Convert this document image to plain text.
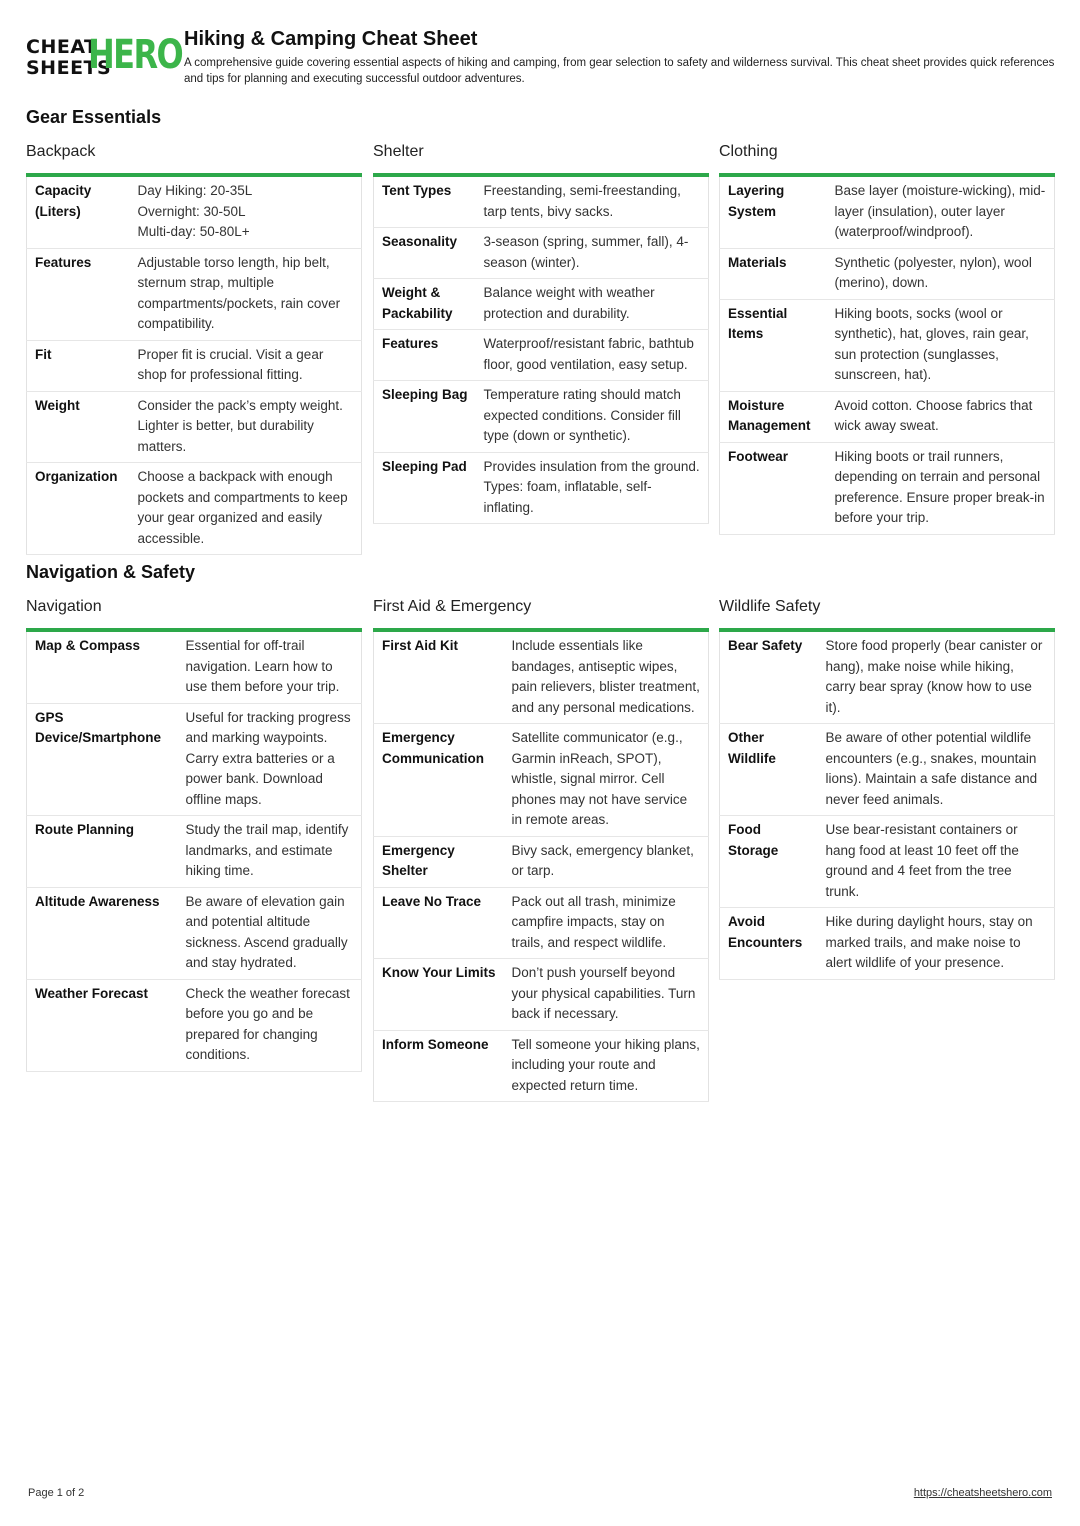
CHEAT
SHEETS
HERO Hiking & Camping Cheat Sheet
A comprehensive guide covering essential aspects of hiking and camping, from gear selection to safety and wilderness survival. This cheat sheet provides quick references and tips for planning and executing successful outdoor adventures.
Gear Essentials
Backpack
Capacity (Liters)	Day Hiking: 20-35L
Overnight: 30-50L
Multi-day: 50-80L+
Features	Adjustable torso length, hip belt, sternum strap, multiple compartments/pockets, rain cover compatibility.
Fit	Proper fit is crucial. Visit a gear shop for professional fitting.
Weight	Consider the pack’s empty weight. Lighter is better, but durability matters.
Organization	Choose a backpack with enough pockets and compartments to keep your gear organized and easily accessible.
Shelter
Tent Types	Freestanding, semi-freestanding, tarp tents, bivy sacks.
Seasonality	3-season (spring, summer, fall), 4-season (winter).
Weight & Packability	Balance weight with weather protection and durability.
Features	Waterproof/resistant fabric, bathtub floor, good ventilation, easy setup.
Sleeping Bag	Temperature rating should match expected conditions. Consider fill type (down or synthetic).
Sleeping Pad	Provides insulation from the ground. Types: foam, inflatable, self-inflating.
Clothing
Layering System	Base layer (moisture-wicking), mid-layer (insulation), outer layer (waterproof/windproof).
Materials	Synthetic (polyester, nylon), wool (merino), down.
Essential Items	Hiking boots, socks (wool or synthetic), hat, gloves, rain gear, sun protection (sunglasses, sunscreen, hat).
Moisture Management	Avoid cotton. Choose fabrics that wick away sweat.
Footwear	Hiking boots or trail runners, depending on terrain and personal preference. Ensure proper break-in before your trip.
Navigation & Safety
Navigation
Map & Compass	Essential for off-trail navigation. Learn how to use them before your trip.
GPS Device/Smartphone	Useful for tracking progress and marking waypoints. Carry extra batteries or a power bank. Download offline maps.
Route Planning	Study the trail map, identify landmarks, and estimate hiking time.
Altitude Awareness	Be aware of elevation gain and potential altitude sickness. Ascend gradually and stay hydrated.
Weather Forecast	Check the weather forecast before you go and be prepared for changing conditions.
First Aid & Emergency
First Aid Kit	Include essentials like bandages, antiseptic wipes, pain relievers, blister treatment, and any personal medications.
Emergency Communication	Satellite communicator (e.g., Garmin inReach, SPOT), whistle, signal mirror. Cell phones may not have service in remote areas.
Emergency Shelter	Bivy sack, emergency blanket, or tarp.
Leave No Trace	Pack out all trash, minimize campfire impacts, stay on trails, and respect wildlife.
Know Your Limits	Don’t push yourself beyond your physical capabilities. Turn back if necessary.
Inform Someone	Tell someone your hiking plans, including your route and expected return time.
Wildlife Safety
Bear Safety	Store food properly (bear canister or hang), make noise while hiking, carry bear spray (know how to use it).
Other Wildlife	Be aware of other potential wildlife encounters (e.g., snakes, mountain lions). Maintain a safe distance and never feed animals.
Food Storage	Use bear-resistant containers or hang food at least 10 feet off the ground and 4 feet from the tree trunk.
Avoid Encounters	Hike during daylight hours, stay on marked trails, and make noise to alert wildlife of your presence.
Page 1 of 2	https://cheatsheetshero.com
